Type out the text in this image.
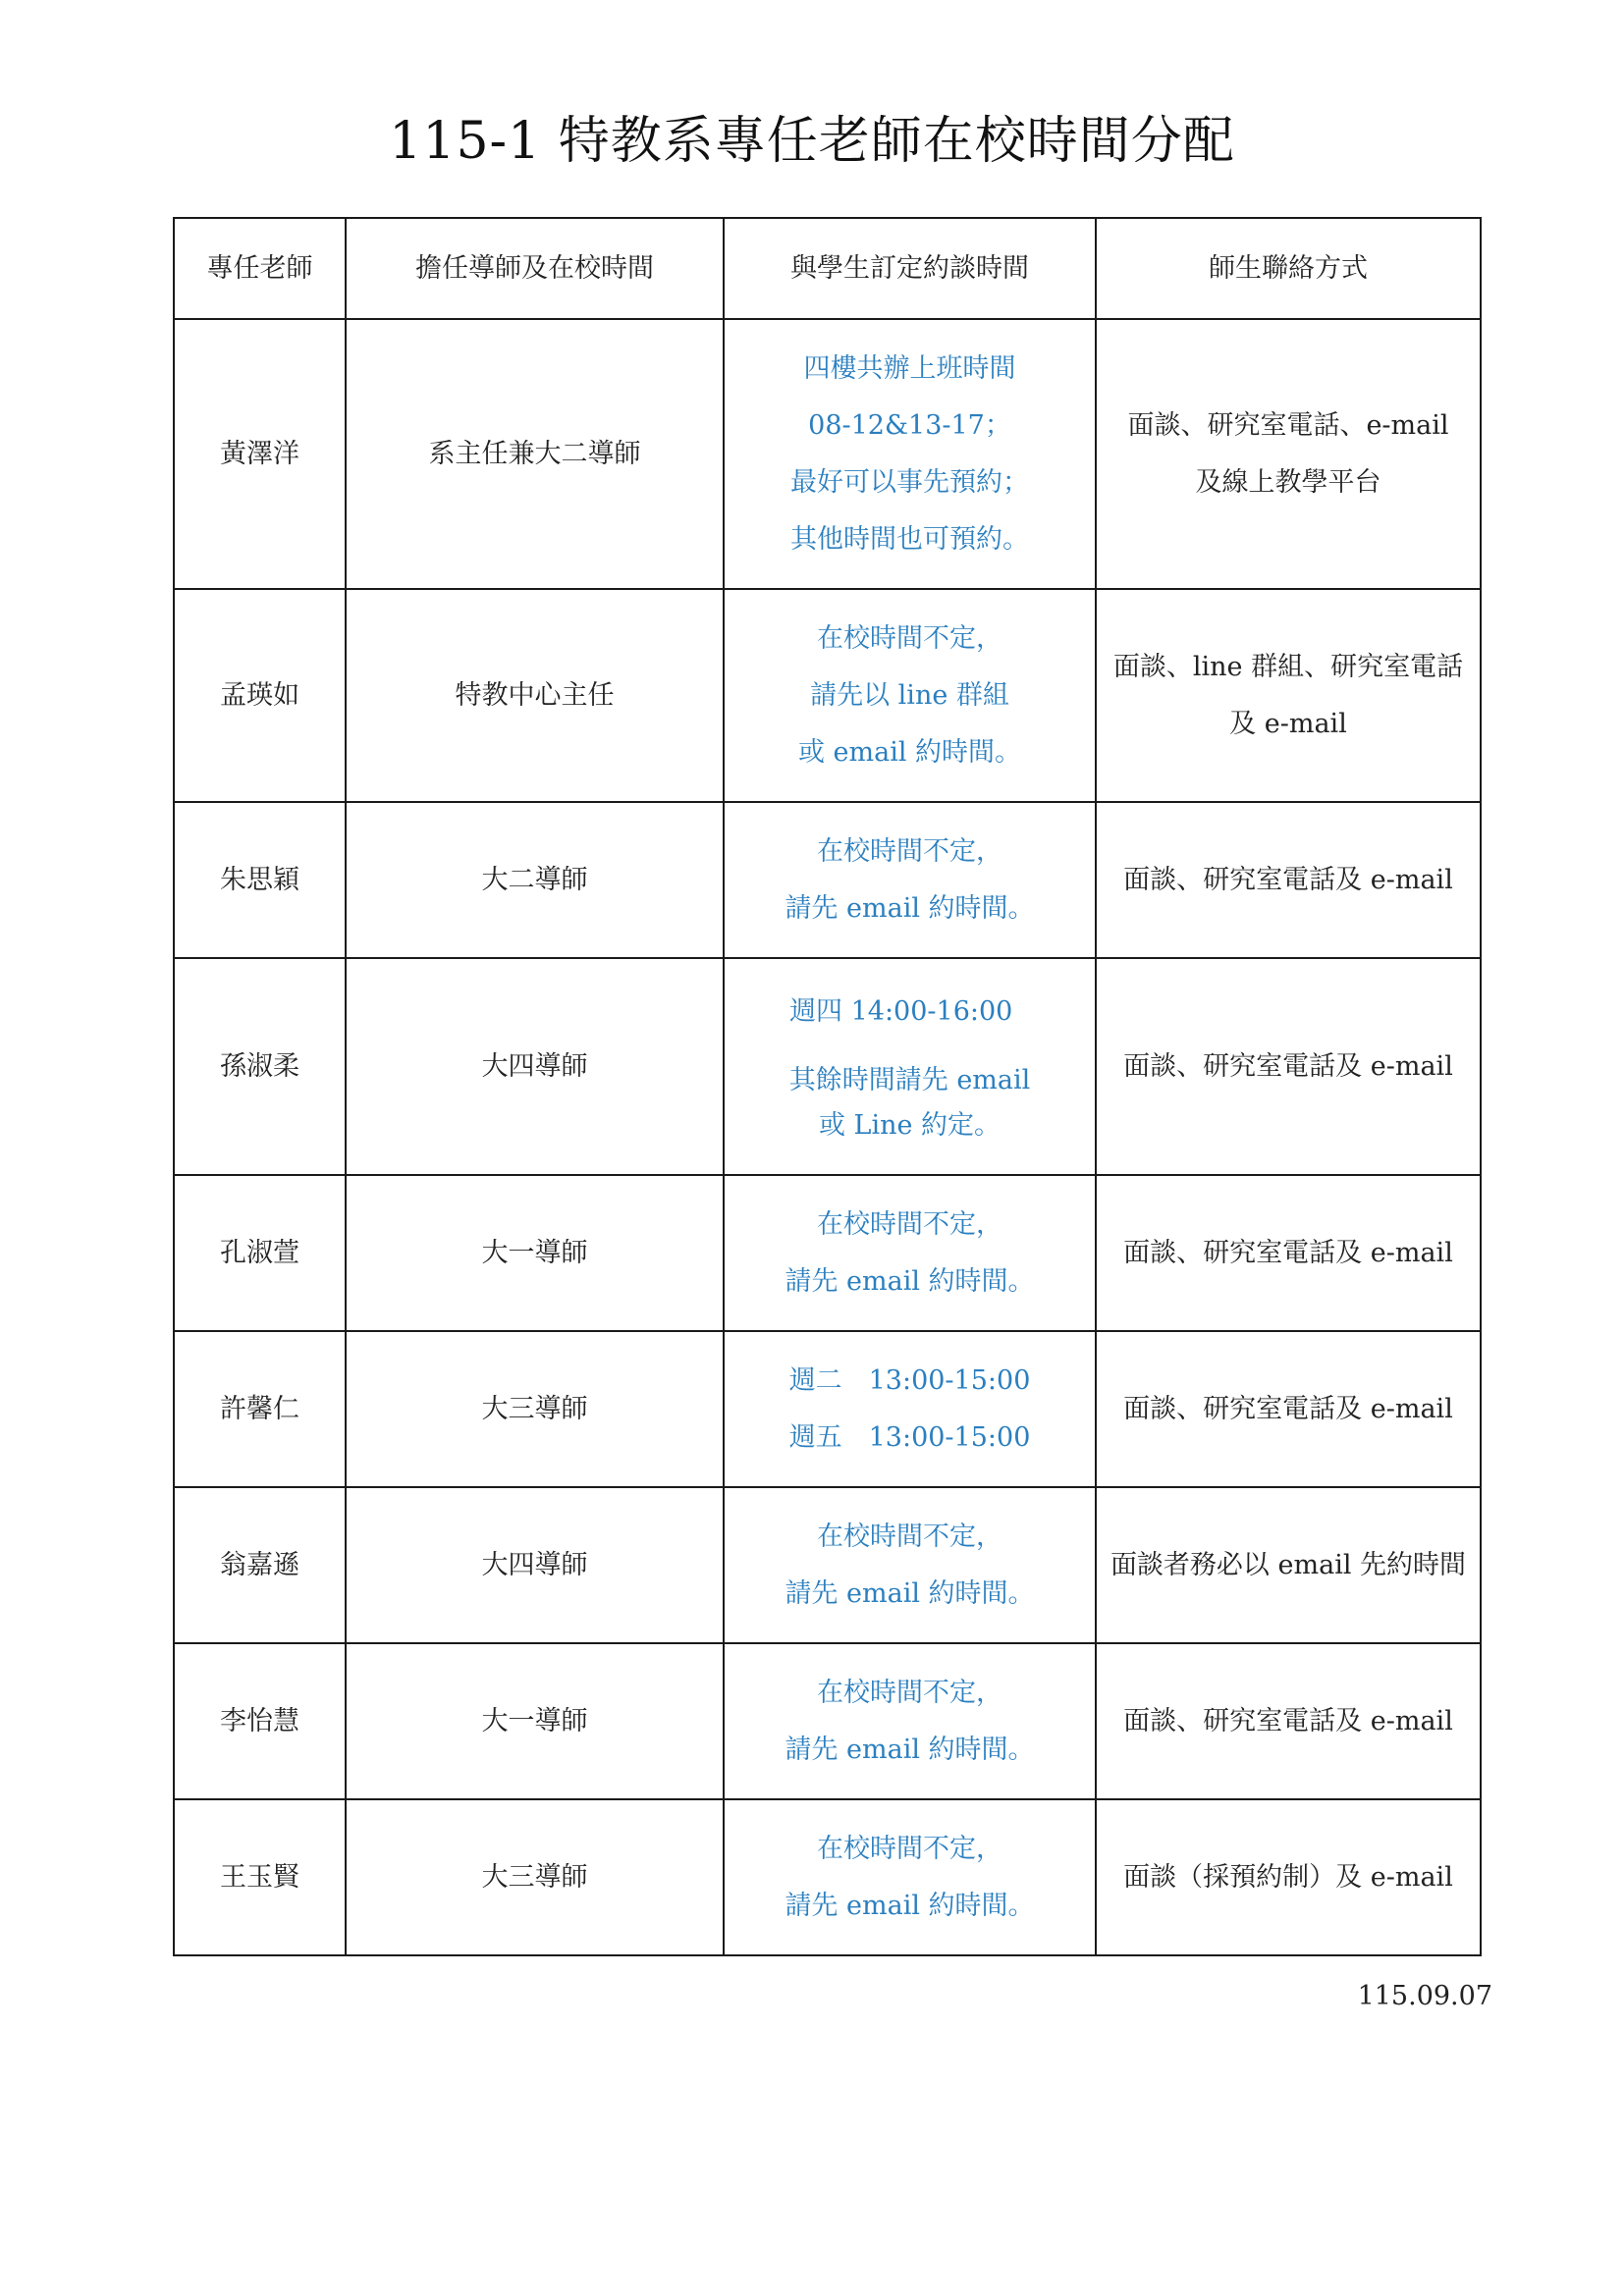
115-1 特教系專任老師在校時間分配
專任老師	擔任導師及在校時間	與學生訂定約談時間	師生聯絡方式
黃澤洋	系主任兼大二導師	四樓共辦上班時間
08-12&13-17；
最好可以事先預約；
其他時間也可預約。	面談、研究室電話、e-mail
及線上教學平台

孟瑛如	特教中心主任	在校時間不定，
請先以 line 群組
或 email 約時間。	面談、line 群組、研究室電話
及 e-mail

朱思穎	大二導師	在校時間不定，
請先 email 約時間。	面談、研究室電話及 e-mail

孫淑柔	大四導師	週四 14:00-16:00
其餘時間請先 email
或 Line 約定。	面談、研究室電話及 e-mail

孔淑萱	大一導師	在校時間不定，
請先 email 約時間。	面談、研究室電話及 e-mail

許馨仁	大三導師	週二　13:00-15:00
週五　13:00-15:00	面談、研究室電話及 e-mail

翁嘉遜	大四導師	在校時間不定，
請先 email 約時間。	面談者務必以 email 先約時間

李怡慧	大一導師	在校時間不定，
請先 email 約時間。	面談、研究室電話及 e-mail

王玉賢	大三導師	在校時間不定，
請先 email 約時間。	面談（採預約制）及 e-mail
115.09.07
